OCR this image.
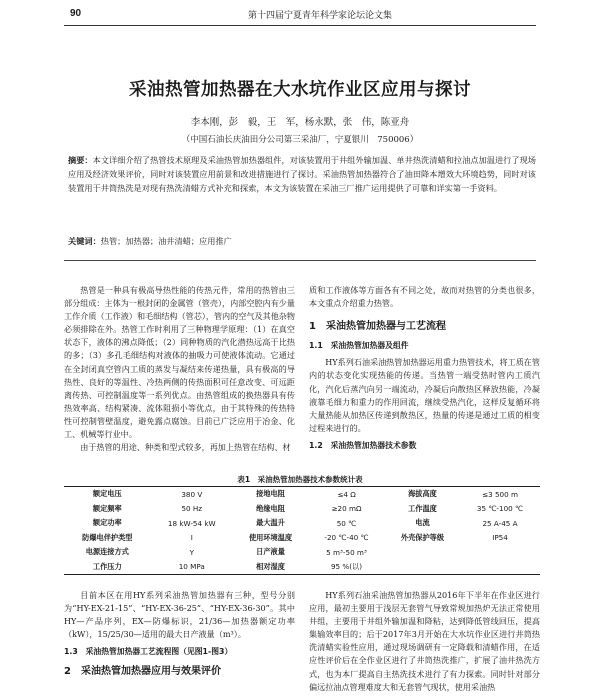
90	第十四届宁夏青年科学家论坛论文集
采油热管加热器在大水坑作业区应用与探讨
李本刚，彭　毅，王　军，杨永默，张　伟，陈亚舟
（中国石油长庆油田分公司第三采油厂，宁夏银川　750006）
摘要：本文详细介绍了热管技术原理及采油热管加热器组件，对该装置用于井组外输加温、单井热洗清蜡和拉油点加温进行了现场应用及经济效果评价，同时对该装置应用前景和改进措施进行了探讨。采油热管加热器符合了油田降本增效大环境趋势，同时对该装置用于井筒热洗是对现有热洗清蜡方式补充和探索，本文为该装置在采油三厂推广运用提供了可靠和详实第一手资料。
关键词：热管；加热器；油井清蜡；应用推广

热管是一种具有极高导热性能的传热元件，常用的热管由三部分组成：主体为一根封闭的金属管（管壳），内部空腔内有少量工作介质（工作液）和毛细结构（管芯），管内的空气及其他杂物必须排除在外。热管工作时利用了三种物理学原理：（1）在真空状态下，液体的沸点降低；（2）同种物质的汽化潜热远高于比热的多；（3）多孔毛细结构对液体的抽吸力可使液体流动。它通过在全封闭真空管内工质的蒸发与凝结来传递热量，具有极高的导热性、良好的等温性、冷热两侧的传热面积可任意改变、可远距离传热、可控制温度等一系列优点。由热管组成的换热器具有传热效率高、结构紧凑、流体阻损小等优点，由于其特殊的传热特性可控制管壁温度，避免露点腐蚀。目前已广泛应用于冶金、化工、机械等行业中。

由于热管的用途、种类和型式较多，再加上热管在结构、材

质和工作液体等方面各有不同之处，故而对热管的分类也很多，本文重点介绍重力热管。

1　采油热管加热器与工艺流程
1.1　采油热管加热器及组件

HY系列石油采油热管加热器运用重力热管技术，将工质在管内的状态变化实现热能的传递。当热管一端受热时管内工质汽化，汽化后蒸汽向另一端流动，冷凝后向散热区释放热能，冷凝液靠毛细力和重力的作用回流，继续受热汽化，这样反复循环将大量热能从加热区传递到散热区，热量的传递是通过工质的相变过程来进行的。

1.2　采油热管加热器技术参数
表1　采油热管加热器技术参数统计表
额定电压	380 V	接地电阻	≤4 Ω	海拔高度	≤3 500 m
额定频率	50 Hz	绝缘电阻	≥20 mΩ	工作温度	35 ℃-100 ℃
额定功率	18 kW-54 kW	最大温升	50 ℃	电流	25 A-45 A
防爆电伴护类型	Ⅰ	使用环境温度	-20 ℃-40 ℃	外壳保护等级	IP54
电源连接方式	Y	日产液量	5 m³-50 m³		
工作压力	10 MPa	相对湿度	95 %(以)		

目前本区在用HY系列采油热管加热器有三种，型号分别为“HY-EX-21-15”、“HY-EX-36-25”、“HY-EX-36-30”。其中HY—产品序列，EX—防爆标识，21/36—加热器额定功率（kW），15/25/30—适用的最大日产液量（m³）。

1.3　采油热管加热器工艺流程图（见图1-图3）
2　采油热管加热器应用与效果评价

HY系列石油采油热管加热器从2016年下半年在作业区进行应用，最初主要用于浅层无套管气导致常规加热炉无法正常使用井组，主要用于井组外输加温和降粘，达到降低管线回压，提高集输效率目的；后于2017年3月开始在大水坑作业区进行井筒热洗清蜡实验性应用，通过现场调研有一定降载和清蜡作用，在适应性评价后在全作业区进行了井筒热洗推广，扩展了油井热洗方式，也为本厂提高自主热洗技术进行了有力探索。同时针对部分偏远拉油点管理难度大和无套管气现状，使用采油热
